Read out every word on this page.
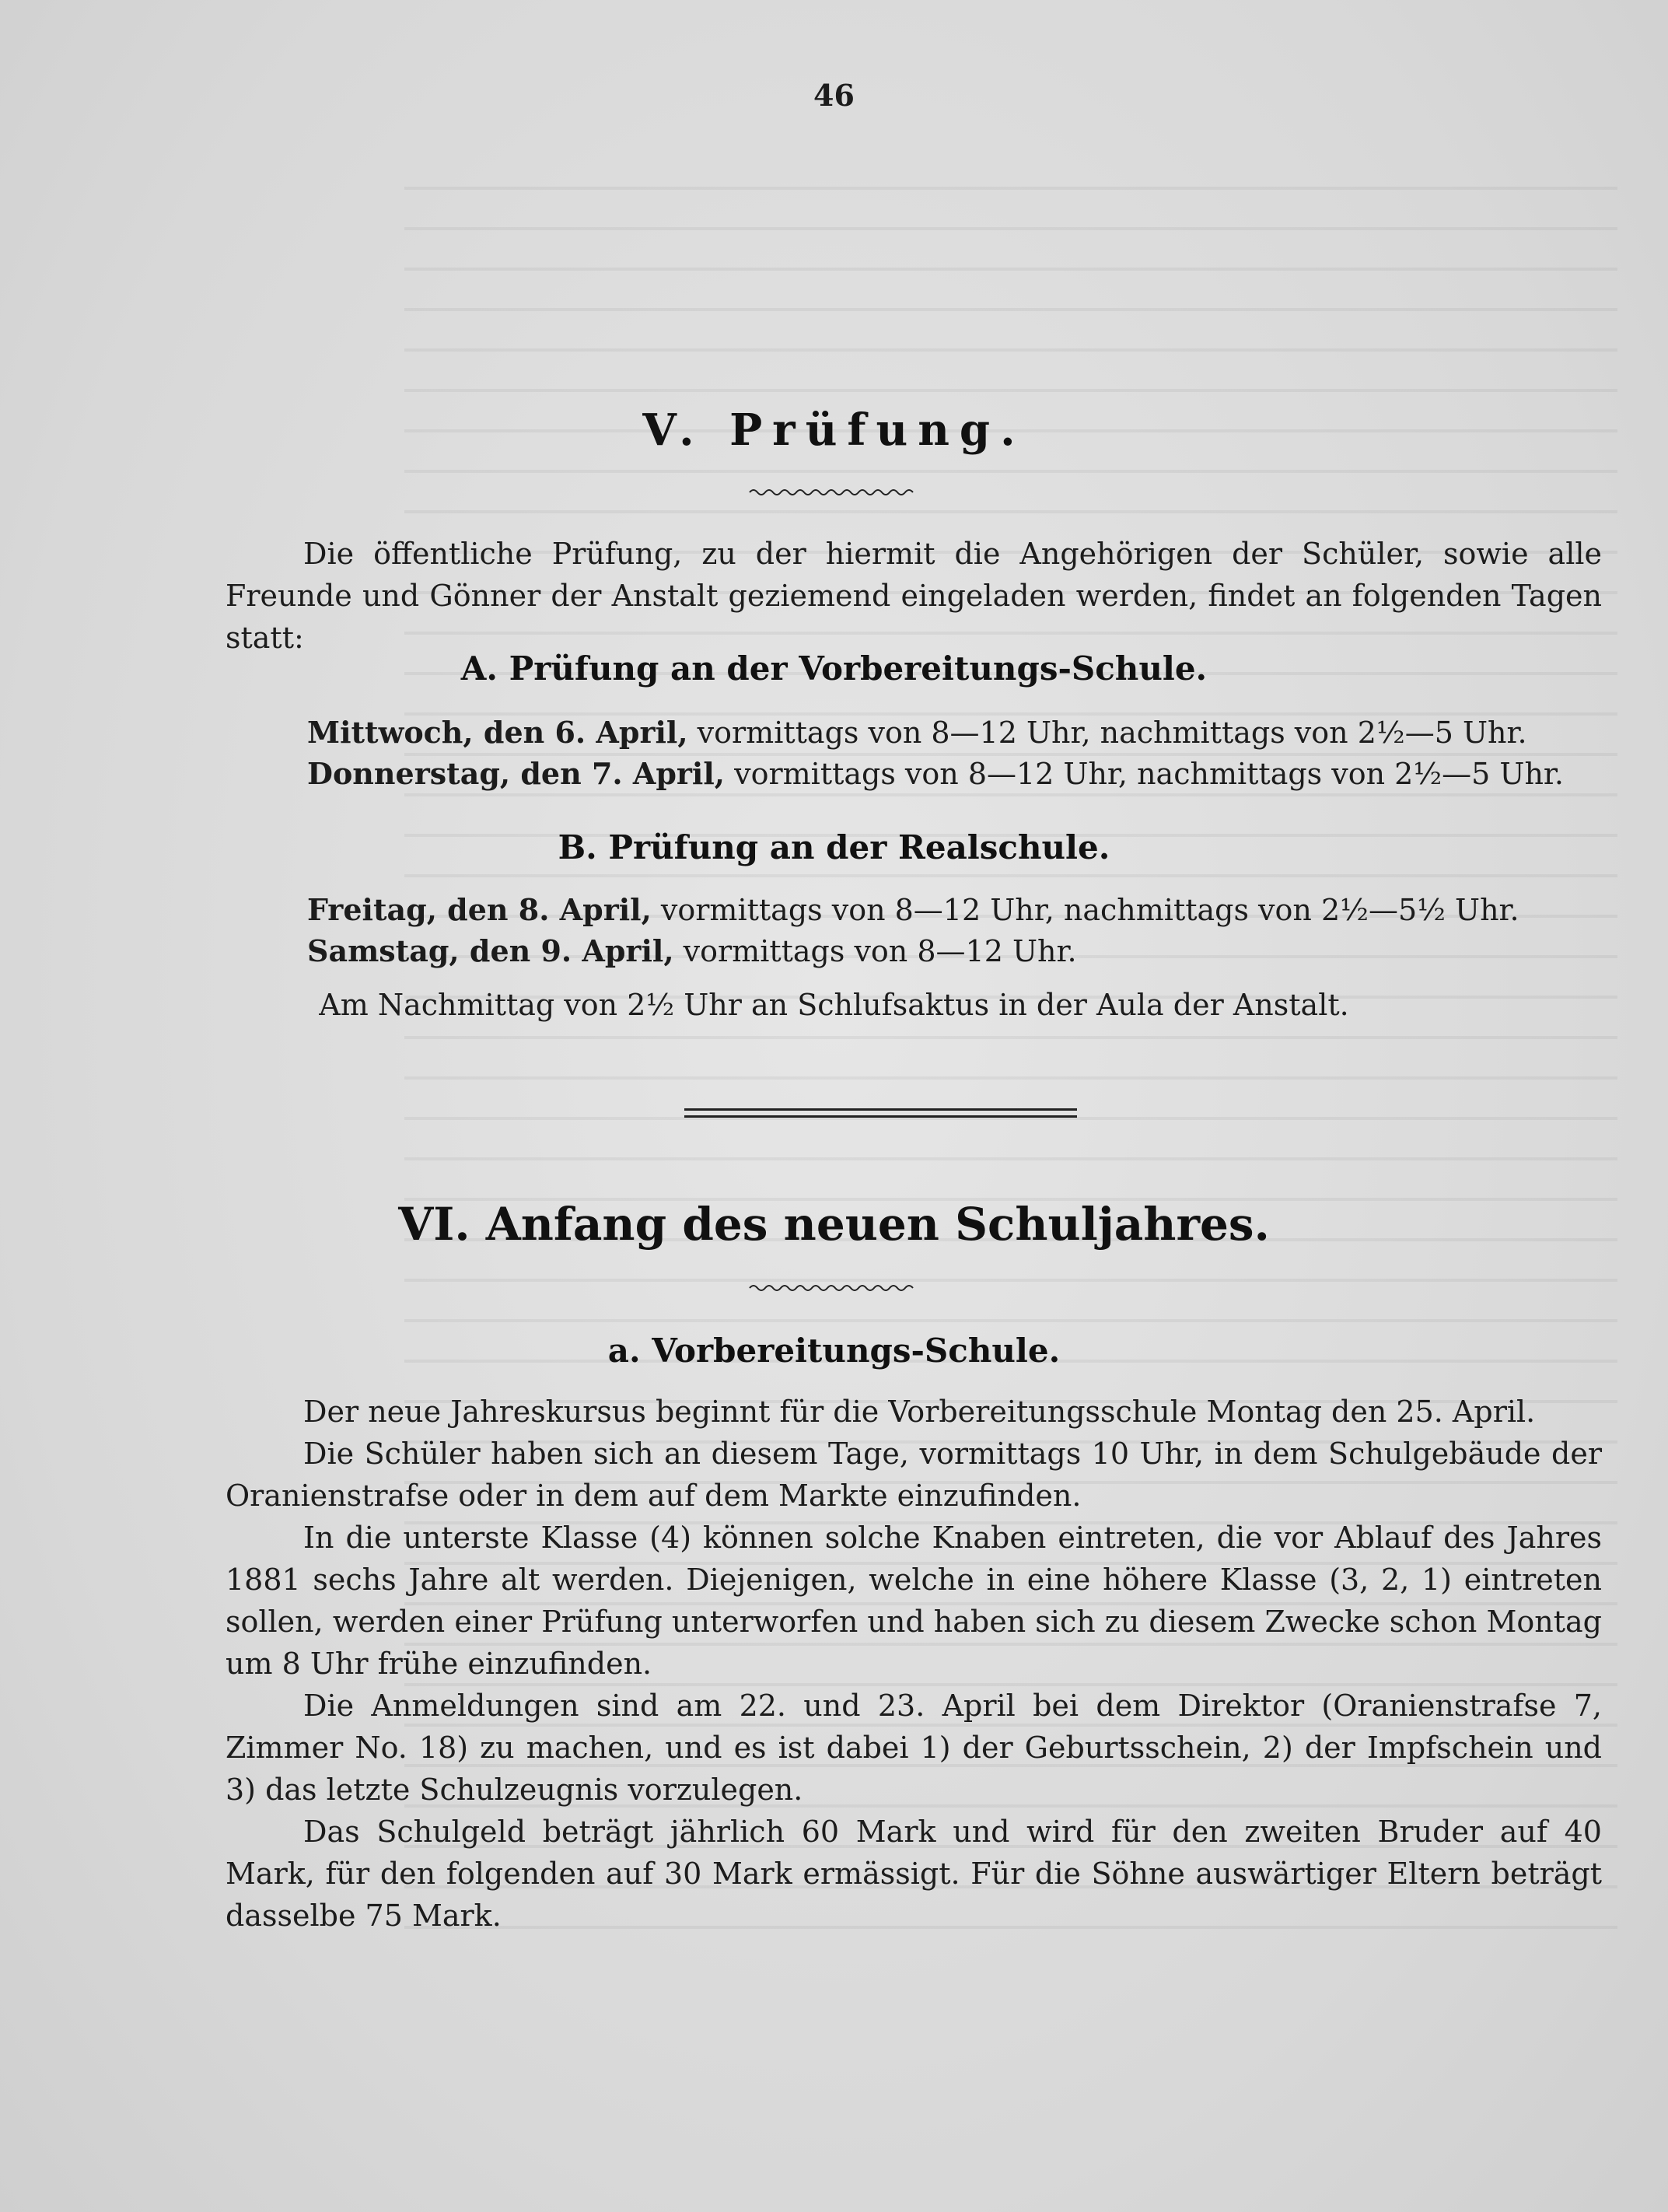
46
V. Prüfung.

Die öffentliche Prüfung, zu der hiermit die Angehörigen der Schüler, sowie alle Freunde und Gönner der Anstalt geziemend eingeladen werden, findet an folgenden Tagen statt:

A. Prüfung an der Vorbereitungs-Schule.
Mittwoch, den 6. April, vormittags von 8—12 Uhr, nachmittags von 2½—5 Uhr.
Donnerstag, den 7. April, vormittags von 8—12 Uhr, nachmittags von 2½—5 Uhr.
B. Prüfung an der Realschule.
Freitag, den 8. April, vormittags von 8—12 Uhr, nachmittags von 2½—5½ Uhr.
Samstag, den 9. April, vormittags von 8—12 Uhr.
Am Nachmittag von 2½ Uhr an Schlufsaktus in der Aula der Anstalt.
VI. Anfang des neuen Schuljahres.
a. Vorbereitungs-Schule.

Der neue Jahreskursus beginnt für die Vorbereitungsschule Montag den 25. April.

Die Schüler haben sich an diesem Tage, vormittags 10 Uhr, in dem Schulgebäude der Oranienstrafse oder in dem auf dem Markte einzufinden.

In die unterste Klasse (4) können solche Knaben eintreten, die vor Ablauf des Jahres 1881 sechs Jahre alt werden. Diejenigen, welche in eine höhere Klasse (3, 2, 1) eintreten sollen, werden einer Prüfung unterworfen und haben sich zu diesem Zwecke schon Montag um 8 Uhr frühe einzufinden.

Die Anmeldungen sind am 22. und 23. April bei dem Direktor (Oranienstrafse 7, Zimmer No. 18) zu machen, und es ist dabei 1) der Geburtsschein, 2) der Impfschein und 3) das letzte Schulzeugnis vorzulegen.

Das Schulgeld beträgt jährlich 60 Mark und wird für den zweiten Bruder auf 40 Mark, für den folgenden auf 30 Mark ermässigt. Für die Söhne auswärtiger Eltern beträgt dasselbe 75 Mark.
